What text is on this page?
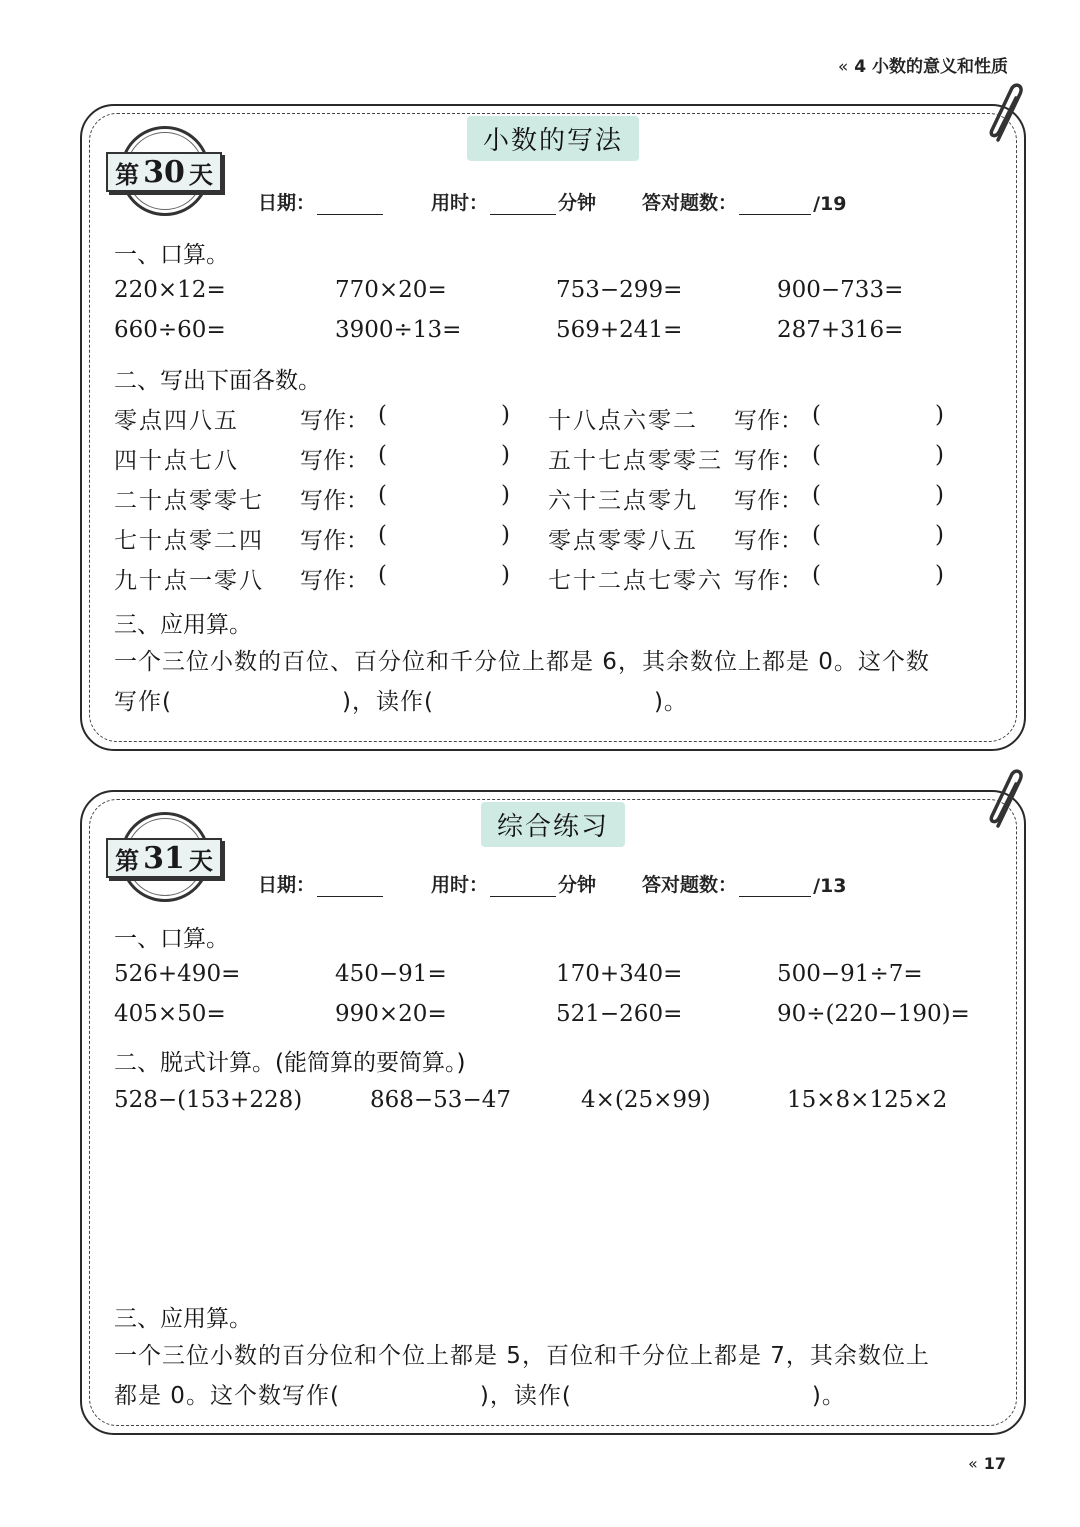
« 4 小数的意义和性质
小数的写法
第 30 天
日期：	用时：	分钟 答对题数：	/19
一、口算。
220×12=	770×20=	753−299=	900−733=
660÷60=	3900÷13=	569+241=	287+316=
二、写出下面各数。
零点四八五	写作： (	) 十八点六零二	写作： (	)
四十点七八	写作： (	) 五十七点零零三 写作： (	)
二十点零零七	写作： (	) 六十三点零九	写作： (	)
七十点零二四	写作： (	) 零点零零八五	写作： (	)
九十点一零八	写作： (	) 七十二点七零六 写作： (	)
三、应用算。
一个三位小数的百位、百分位和千分位上都是 6，其余数位上都是 0。这个数
写作(	)，读作(	)。
综合练习
第 31 天
日期：	用时：	分钟 答对题数：	/13
一、口算。
526+490=	450−91=	170+340=	500−91÷7=
405×50=	990×20=	521−260=	90÷(220−190)=
二、脱式计算。(能简算的要简算。)
528−(153+228)	868−53−47	4×(25×99)	15×8×125×2
三、应用算。
一个三位小数的百分位和个位上都是 5，百位和千分位上都是 7，其余数位上
都是 0。这个数写作(	)，读作(	)。
« 17
